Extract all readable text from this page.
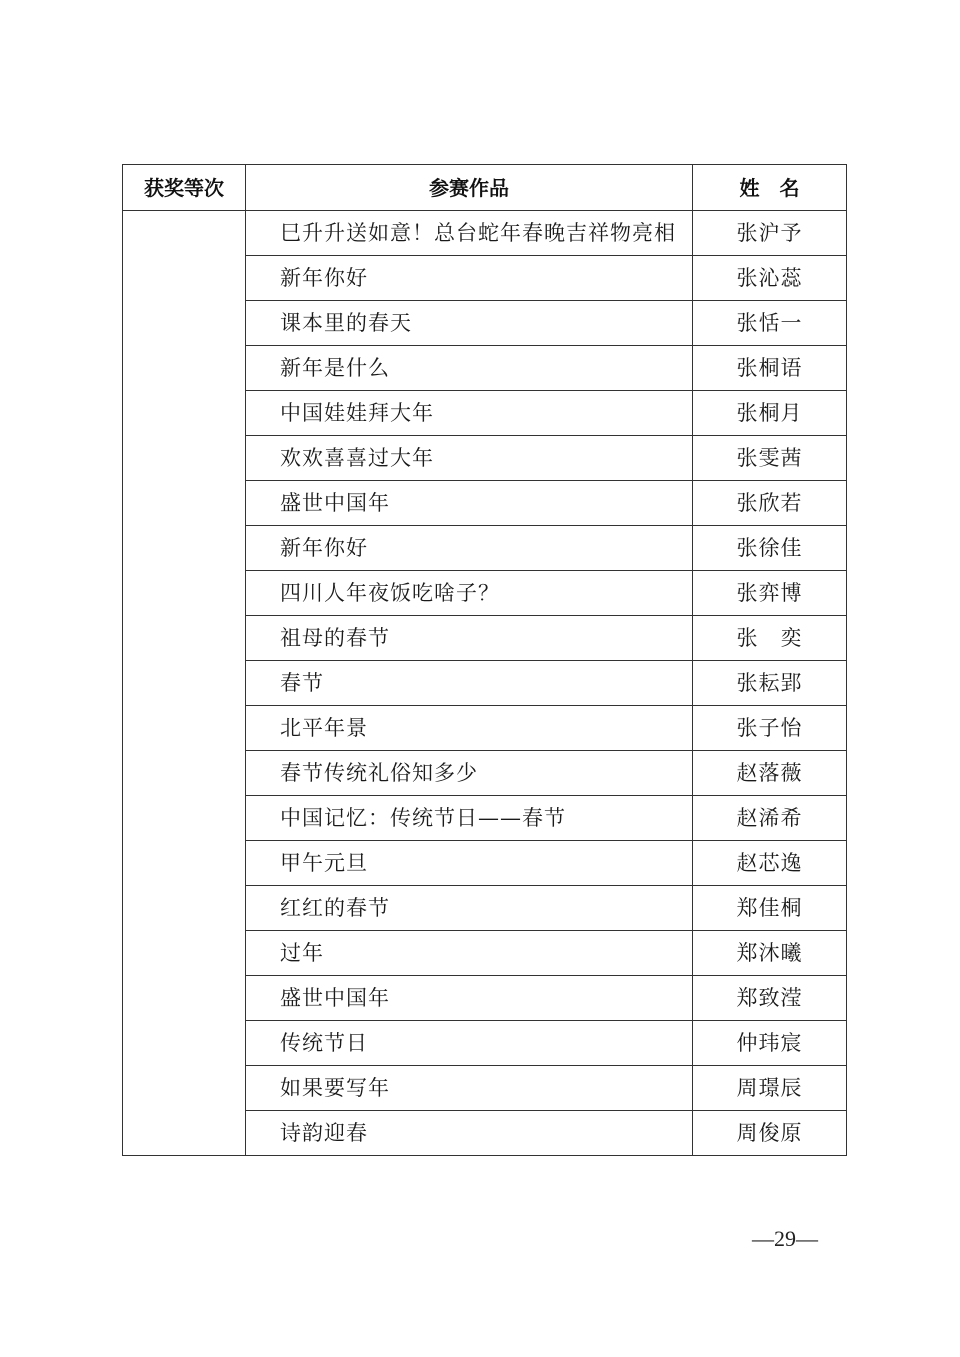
获奖等次	参赛作品	姓　名
	巳升升送如意！总台蛇年春晚吉祥物亮相	张沪予
	新年你好	张沁蕊
	课本里的春天	张恬一
	新年是什么	张桐语
	中国娃娃拜大年	张桐月
	欢欢喜喜过大年	张雯茜
	盛世中国年	张欣若
	新年你好	张徐佳
	四川人年夜饭吃啥子？	张弈博
	祖母的春节	张　奕
	春节	张耘郢
	北平年景	张子怡
	春节传统礼俗知多少	赵落薇
	中国记忆：传统节日——春节	赵浠希
	甲午元旦	赵芯逸
	红红的春节	郑佳桐
	过年	郑沐曦
	盛世中国年	郑致滢
	传统节日	仲玮宸
	如果要写年	周璟辰
	诗韵迎春	周俊原
—29—
